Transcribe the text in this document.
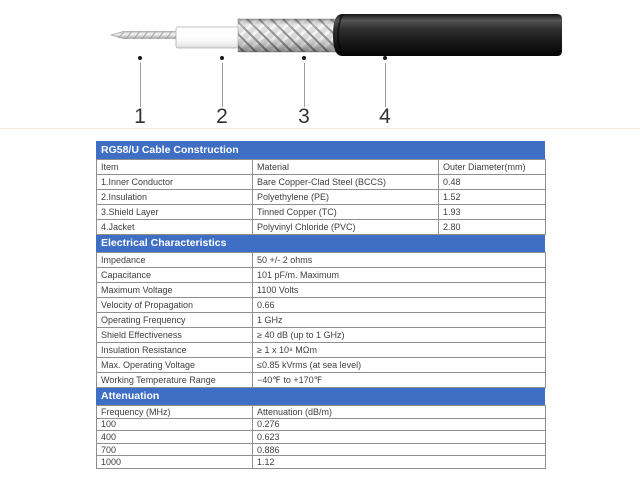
1	2	3	4
RG58/U Cable Construction
Item	Material	Outer Diameter(mm)
1.Inner Conductor	Bare Copper-Clad Steel (BCCS)	0.48
2.Insulation	Polyethylene (PE)	1.52
3.Shield Layer	Tinned Copper (TC)	1.93
4.Jacket	Polyvinyl Chloride (PVC)	2.80
Electrical Characteristics
Impedance	50 +/- 2 ohms
Capacitance	101 pF/m. Maximum
Maximum Voltage	1100 Volts
Velocity of Propagation	0.66
Operating Frequency	1 GHz
Shield Effectiveness	≥ 40 dB (up to 1 GHz)
Insulation Resistance	≥ 1 x 10⁸ MΩm
Max. Operating Voltage	≤0.85 kVrms (at sea level)
Working Temperature Range	−40℉ to +170℉
Attenuation
Frequency (MHz)	Attenuation (dB/m)
100	0.276
400	0.623
700	0.886
1000	1.12
